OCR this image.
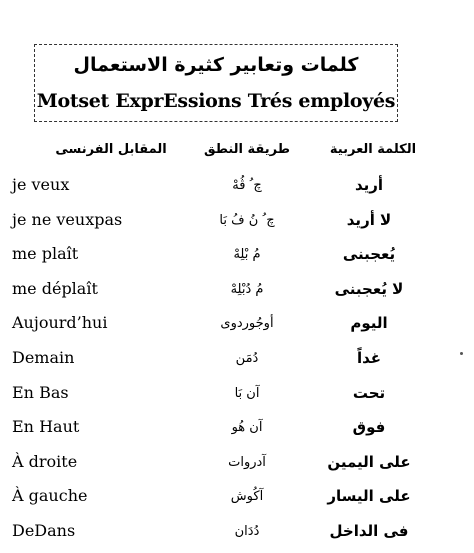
كلمات وتعابير كثيرة الاستعمال
Motset ExprEssions Trés employés
المقابل الفرنسى	طريقة النطق	الكلمة العربية
je veux	ﭺ ُ ڤُهْ	أريد
je ne veuxpas	ﭺ ُ نُ فُ بَا	لا أريد
me plaît	مُ بْلِهْ	يُعجبنى
me déplaît	مُ دُبْلِهْ	لا يُعجبنى
Aujourd’hui	أوجُوردوى	اليوم
Demain	دُمَن	غداً
En Bas	آن بَا	تحت
En Haut	آن هُو	فوق
À droite	آدروات	على اليمين
À gauche	آكُوش	على اليسار
DeDans	دُدَان	فى الداخل
